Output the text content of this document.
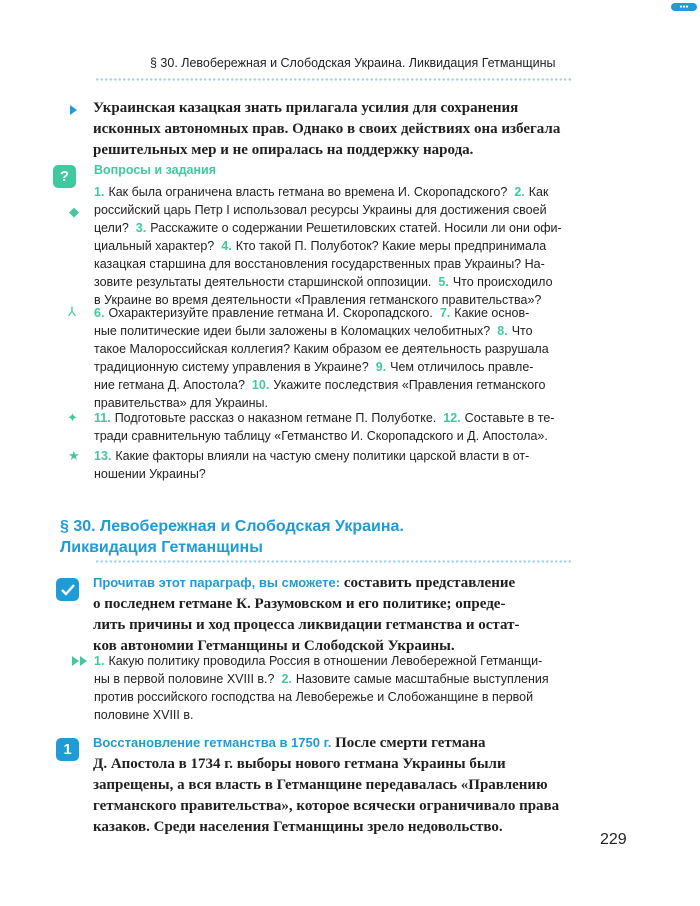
●●●
§ 30. Левобережная и Слободская Украина. Ликвидация Гетманщины
Украинская казацкая знать прилагала усилия для сохранения
исконных автономных прав. Однако в своих действиях она избегала
решительных мер и не опиралась на поддержку народа.
?	Вопросы и задания
◆
1. Как была ограничена власть гетмана во времена И. Скоропадского? 2. Как
российский царь Петр I использовал ресурсы Украины для достижения своей
цели? 3. Расскажите о содержании Решетиловских статей. Носили ли они офи-
циальный характер? 4. Кто такой П. Полуботок? Какие меры предпринимала
казацкая старшина для восстановления государственных прав Украины? На-
зовите результаты деятельности старшинской оппозиции. 5. Что происходило
в Украине во время деятельности «Правления гетманского правительства»?
⅄ 6. Охарактеризуйте правление гетмана И. Скоропадского. 7. Какие основ-
ные политические идеи были заложены в Коломацких челобитных? 8. Что
такое Малороссийская коллегия? Каким образом ее деятельность разрушала
традиционную систему управления в Украине? 9. Чем отличилось правле-
ние гетмана Д. Апостола? 10. Укажите последствия «Правления гетманского
правительства» для Украины.
✦ 11. Подготовьте рассказ о наказном гетмане П. Полуботке. 12. Составьте в те-
тради сравнительную таблицу «Гетманство И. Скоропадского и Д. Апостола».
★ 13. Какие факторы влияли на частую смену политики царской власти в от-
ношении Украины?
§ 30. Левобережная и Слободская Украина.
Ликвидация Гетманщины
Прочитав этот параграф, вы сможете: составить представление
о последнем гетмане К. Разумовском и его политике; опреде-
лить причины и ход процесса ликвидации гетманства и остат-
ков автономии Гетманщины и Слободской Украины.
1. Какую политику проводила Россия в отношении Левобережной Гетманщи-
ны в первой половине XVIII в.? 2. Назовите самые масштабные выступления
против российского господства на Левобережье и Слобожанщине в первой
половине XVIII в.
1	Восстановление гетманства в 1750 г. После смерти гетмана
Д. Апостола в 1734 г. выборы нового гетмана Украины были
запрещены, а вся власть в Гетманщине передавалась «Правлению
гетманского правительства», которое всячески ограничивало права
казаков. Среди населения Гетманщины зрело недовольство.
229
